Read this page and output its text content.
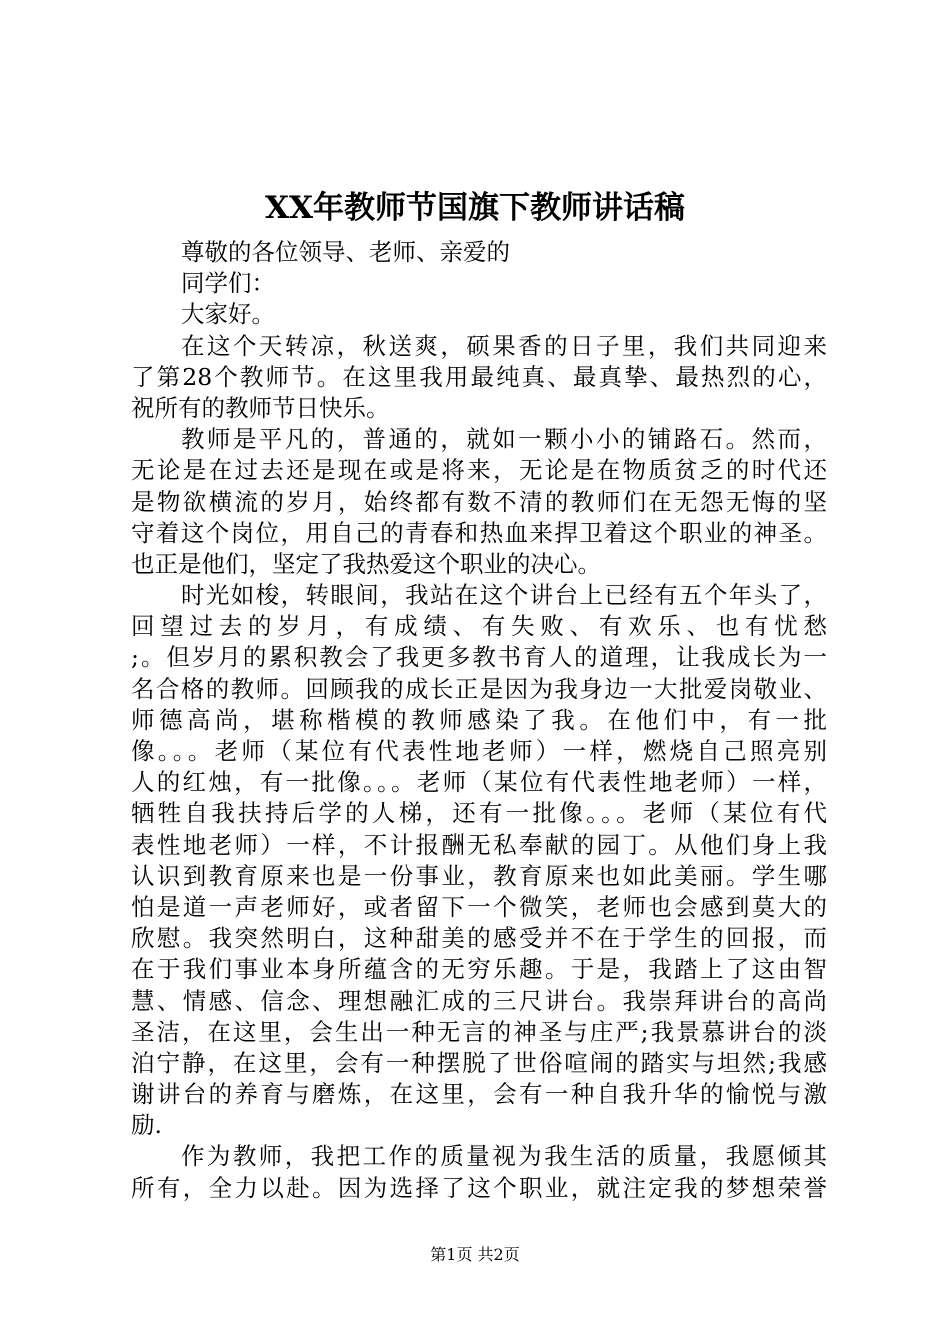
XX年教师节国旗下教师讲话稿

尊敬的各位领导、老师、亲爱的

同学们：

大家好。

在这个天转凉，秋送爽，硕果香的日子里，我们共同迎来

了第28个教师节。在这里我用最纯真、最真挚、最热烈的心，

祝所有的教师节日快乐。

教师是平凡的，普通的，就如一颗小小的铺路石。然而，

无论是在过去还是现在或是将来，无论是在物质贫乏的时代还

是物欲横流的岁月，始终都有数不清的教师们在无怨无悔的坚

守着这个岗位，用自己的青春和热血来捍卫着这个职业的神圣。

也正是他们，坚定了我热爱这个职业的决心。

时光如梭，转眼间，我站在这个讲台上已经有五个年头了，

回望过去的岁月，有成绩、有失败、有欢乐、也有忧愁

;。但岁月的累积教会了我更多教书育人的道理，让我成长为一

名合格的教师。回顾我的成长正是因为我身边一大批爱岗敬业、

师德高尚，堪称楷模的教师感染了我。在他们中，有一批

像。。。老师（某位有代表性地老师）一样，燃烧自己照亮别

人的红烛，有一批像。。。老师（某位有代表性地老师）一样，

牺牲自我扶持后学的人梯，还有一批像。。。老师（某位有代

表性地老师）一样，不计报酬无私奉献的园丁。从他们身上我

认识到教育原来也是一份事业，教育原来也如此美丽。学生哪

怕是道一声老师好，或者留下一个微笑，老师也会感到莫大的

欣慰。我突然明白，这种甜美的感受并不在于学生的回报，而

在于我们事业本身所蕴含的无穷乐趣。于是，我踏上了这由智

慧、情感、信念、理想融汇成的三尺讲台。我崇拜讲台的高尚

圣洁，在这里，会生出一种无言的神圣与庄严;我景慕讲台的淡

泊宁静，在这里，会有一种摆脱了世俗喧闹的踏实与坦然;我感

谢讲台的养育与磨炼，在这里，会有一种自我升华的愉悦与激

励.

作为教师，我把工作的质量视为我生活的质量，我愿倾其

所有，全力以赴。因为选择了这个职业，就注定我的梦想荣誉

第1页 共2页
